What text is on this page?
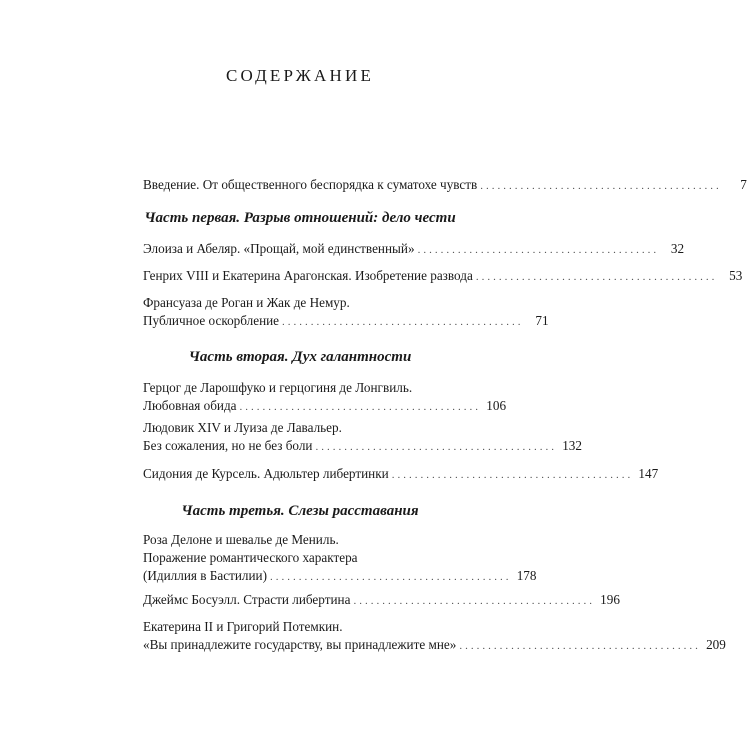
СОДЕРЖАНИЕ
Введение. От общественного беспорядка к суматохе чувств ..........................................	7
Часть первая. Разрыв отношений: дело чести
Элоиза и Абеляр. «Прощай, мой единственный» .......................................... 32
Генрих VIII и Екатерина Арагонская. Изобретение развода .......................................... 53
Франсуаза де Роган и Жак де Немур.
Публичное оскорбление .......................................... 71
Часть вторая. Дух галантности
Герцог де Ларошфуко и герцогиня де Лонгвиль.
Любовная обида .......................................... 106
Людовик XIV и Луиза де Лавальер.
Без сожаления, но не без боли .......................................... 132
Сидония де Курсель. Адюльтер либертинки .......................................... 147
Часть третья. Слезы расставания
Роза Делоне и шевалье де Мениль.
Поражение романтического характера
(Идиллия в Бастилии) .......................................... 178
Джеймс Босуэлл. Страсти либертина .......................................... 196
Екатерина II и Григорий Потемкин.
«Вы принадлежите государству, вы принадлежите мне» .......................................... 209
